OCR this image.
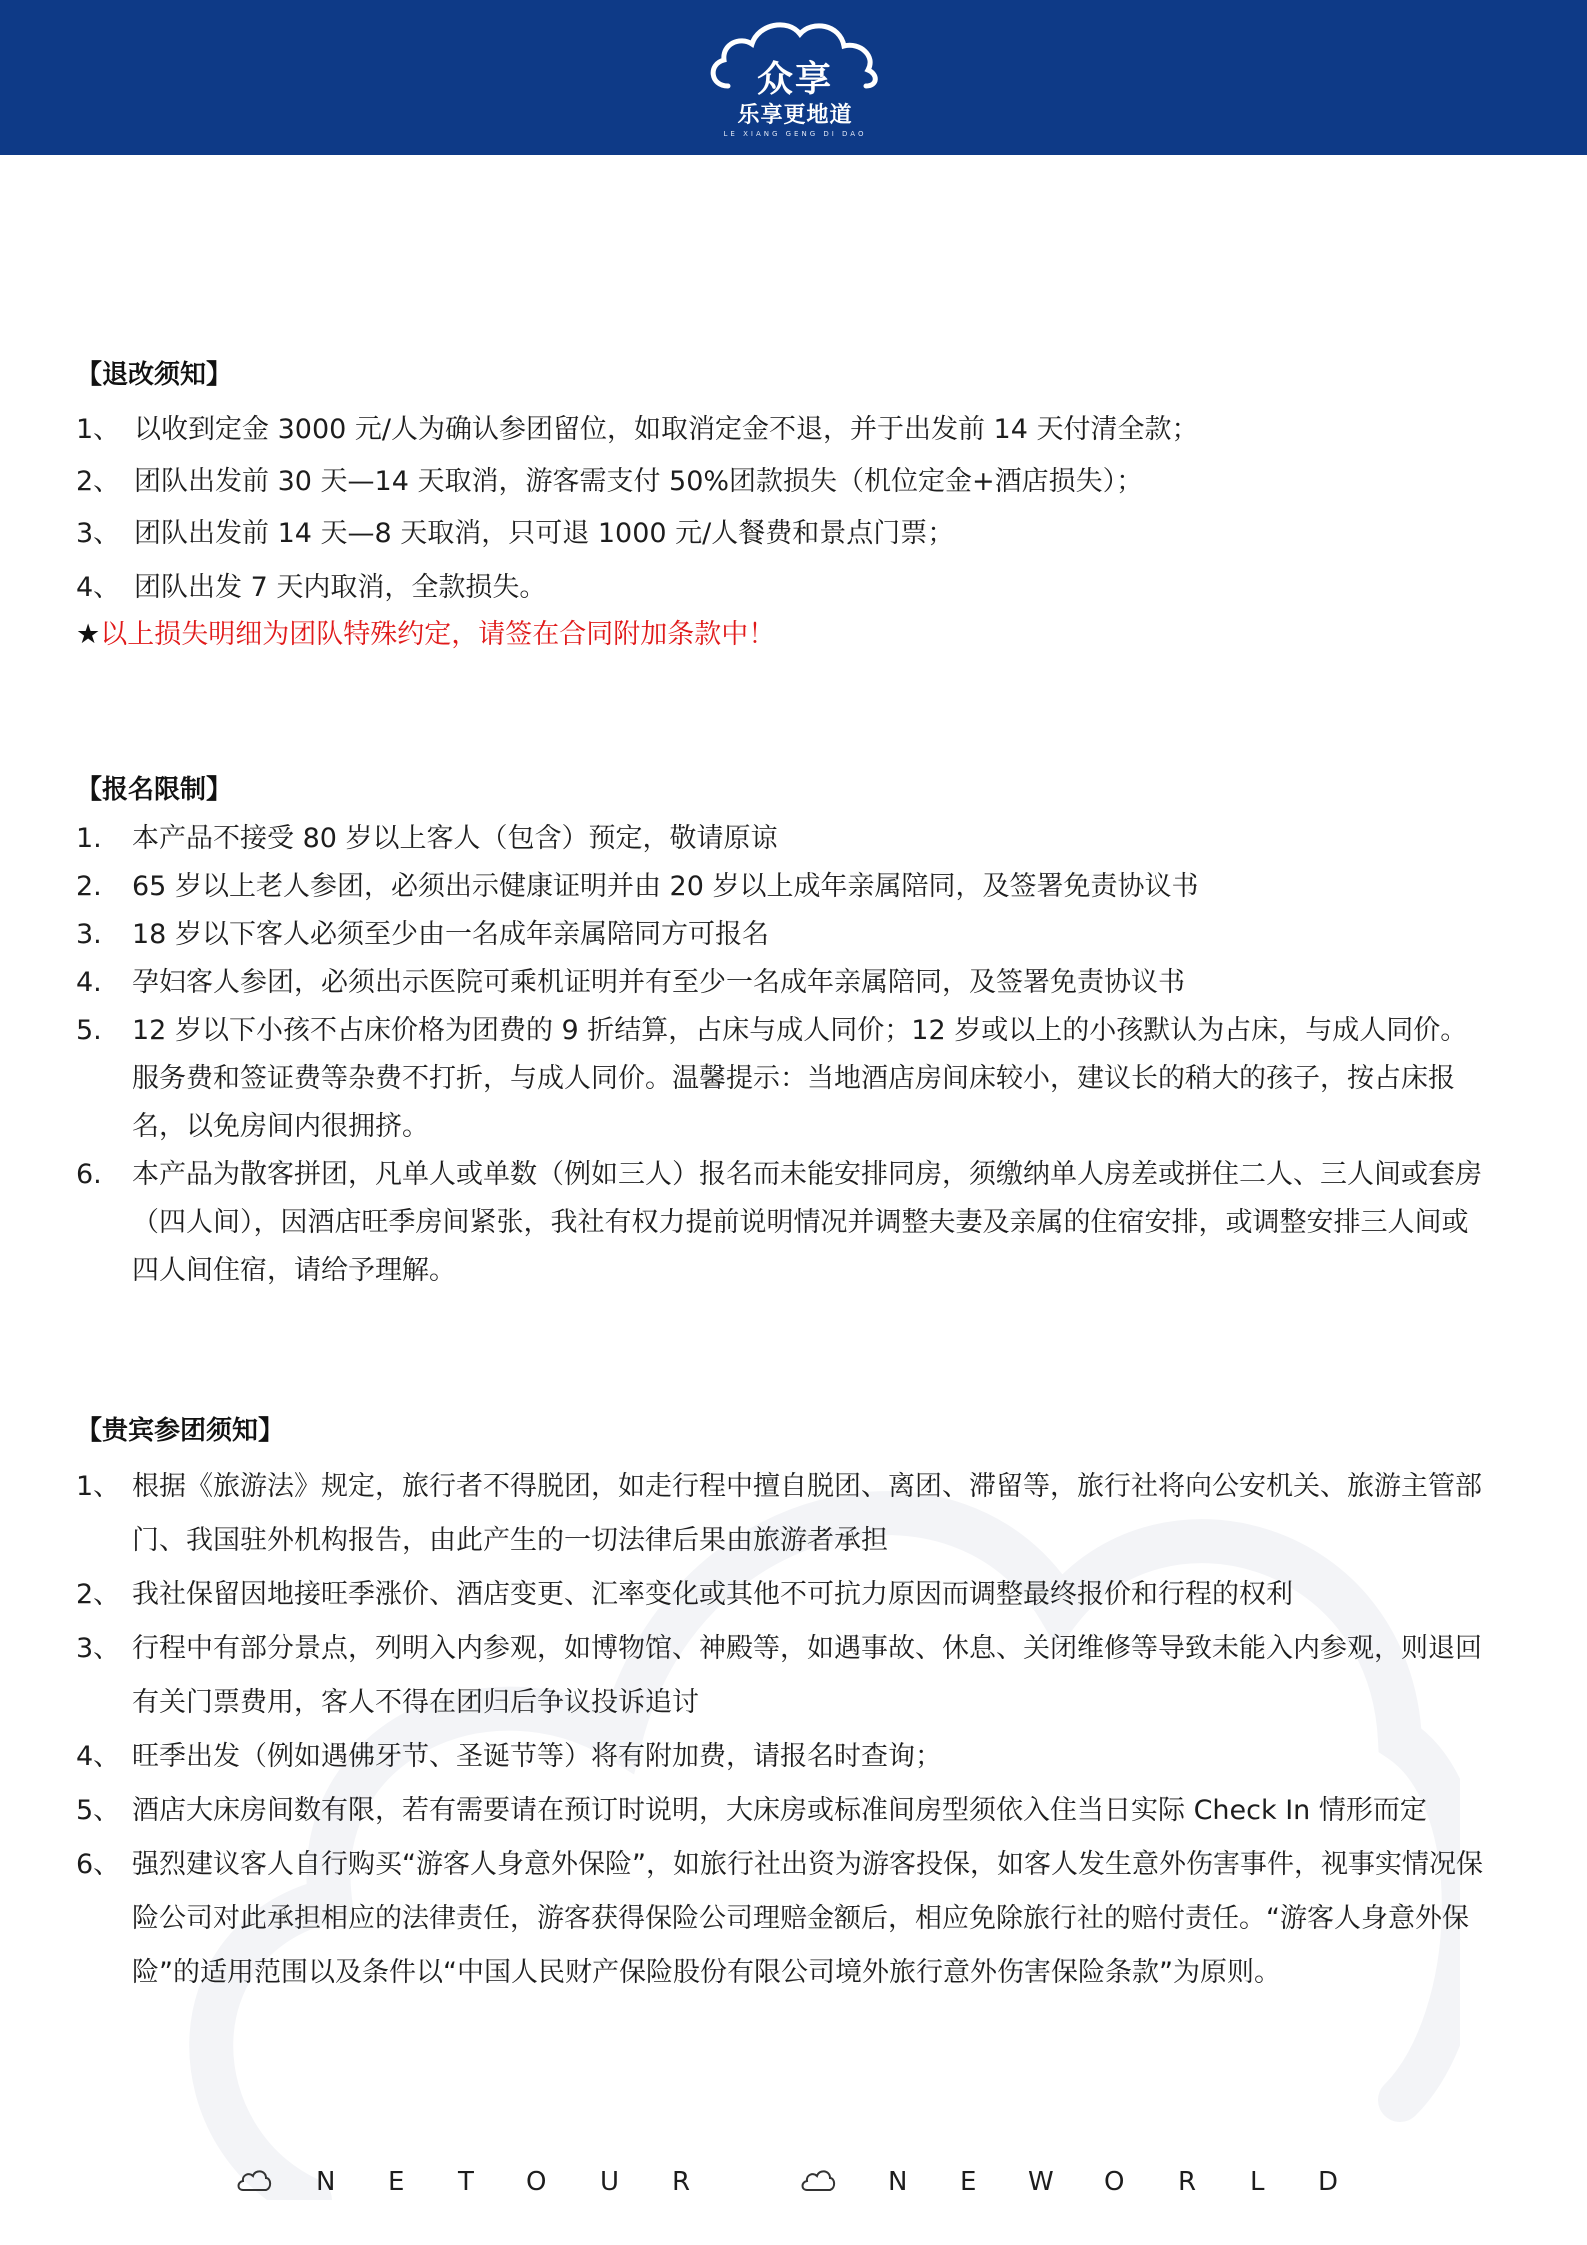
众享
乐享更地道
LE XIANG GENG DI DAO
【退改须知】
1、 以收到定金 3000 元/人为确认参团留位，如取消定金不退，并于出发前 14 天付清全款；
2、 团队出发前 30 天—14 天取消，游客需支付 50%团款损失（机位定金+酒店损失）；
3、 团队出发前 14 天—8 天取消，只可退 1000 元/人餐费和景点门票；
4、 团队出发 7 天内取消，全款损失。
★以上损失明细为团队特殊约定，请签在合同附加条款中！
【报名限制】
1. 本产品不接受 80 岁以上客人（包含）预定，敬请原谅
2. 65 岁以上老人参团，必须出示健康证明并由 20 岁以上成年亲属陪同，及签署免责协议书
3. 18 岁以下客人必须至少由一名成年亲属陪同方可报名
4. 孕妇客人参团，必须出示医院可乘机证明并有至少一名成年亲属陪同，及签署免责协议书
5. 12 岁以下小孩不占床价格为团费的 9 折结算，占床与成人同价；12 岁或以上的小孩默认为占床，与成人同价。服务费和签证费等杂费不打折，与成人同价。温馨提示：当地酒店房间床较小，建议长的稍大的孩子，按占床报名，以免房间内很拥挤。
6. 本产品为散客拼团，凡单人或单数（例如三人）报名而未能安排同房，须缴纳单人房差或拼住二人、三人间或套房（四人间），因酒店旺季房间紧张，我社有权力提前说明情况并调整夫妻及亲属的住宿安排，或调整安排三人间或四人间住宿，请给予理解。
【贵宾参团须知】
1、 根据《旅游法》规定，旅行者不得脱团，如走行程中擅自脱团、离团、滞留等，旅行社将向公安机关、旅游主管部门、我国驻外机构报告，由此产生的一切法律后果由旅游者承担
2、 我社保留因地接旺季涨价、酒店变更、汇率变化或其他不可抗力原因而调整最终报价和行程的权利
3、 行程中有部分景点，列明入内参观，如博物馆、神殿等，如遇事故、休息、关闭维修等导致未能入内参观，则退回有关门票费用，客人不得在团归后争议投诉追讨
4、 旺季出发（例如遇佛牙节、圣诞节等）将有附加费，请报名时查询；
5、 酒店大床房间数有限，若有需要请在预订时说明，大床房或标准间房型须依入住当日实际 Check In 情形而定
6、 强烈建议客人自行购买“游客人身意外保险”，如旅行社出资为游客投保，如客人发生意外伤害事件，视事实情况保险公司对此承担相应的法律责任，游客获得保险公司理赔金额后，相应免除旅行社的赔付责任。“游客人身意外保险”的适用范围以及条件以“中国人民财产保险股份有限公司境外旅行意外伤害保险条款”为原则。
N E T O U R	N E W O R L D
